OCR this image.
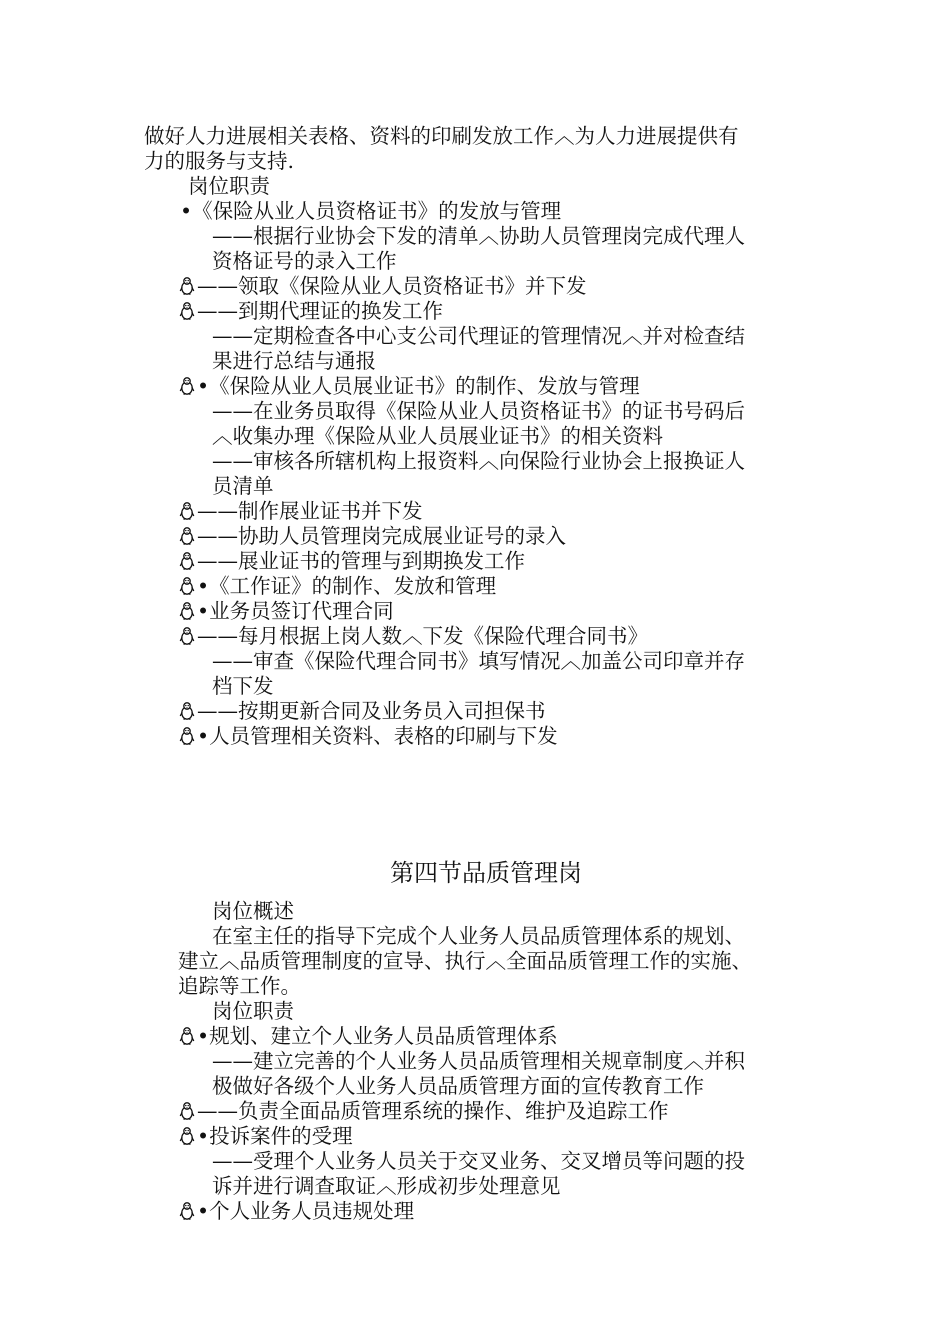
做好人力进展相关表格、资料的印刷发放工作︿为人力进展提供有
力的服务与支持.
岗位职责
•《保险从业人员资格证书》的发放与管理
——根据行业协会下发的清单︿协助人员管理岗完成代理人
资格证号的录入工作
——领取《保险从业人员资格证书》并下发
——到期代理证的换发工作
——定期检查各中心支公司代理证的管理情况︿并对检查结
果进行总结与通报
•《保险从业人员展业证书》的制作、发放与管理
——在业务员取得《保险从业人员资格证书》的证书号码后
︿收集办理《保险从业人员展业证书》的相关资料
——审核各所辖机构上报资料︿向保险行业协会上报换证人
员清单
——制作展业证书并下发
——协助人员管理岗完成展业证号的录入
——展业证书的管理与到期换发工作
•《工作证》的制作、发放和管理
•业务员签订代理合同
——每月根据上岗人数︿下发《保险代理合同书》
——审查《保险代理合同书》填写情况︿加盖公司印章并存
档下发
——按期更新合同及业务员入司担保书
•人员管理相关资料、表格的印刷与下发
第四节品质管理岗
岗位概述
在室主任的指导下完成个人业务人员品质管理体系的规划、
建立︿品质管理制度的宣导、执行︿全面品质管理工作的实施、
追踪等工作。
岗位职责
•规划、建立个人业务人员品质管理体系
——建立完善的个人业务人员品质管理相关规章制度︿并积
极做好各级个人业务人员品质管理方面的宣传教育工作
——负责全面品质管理系统的操作、维护及追踪工作
•投诉案件的受理
——受理个人业务人员关于交叉业务、交叉增员等问题的投
诉并进行调查取证︿形成初步处理意见
•个人业务人员违规处理
